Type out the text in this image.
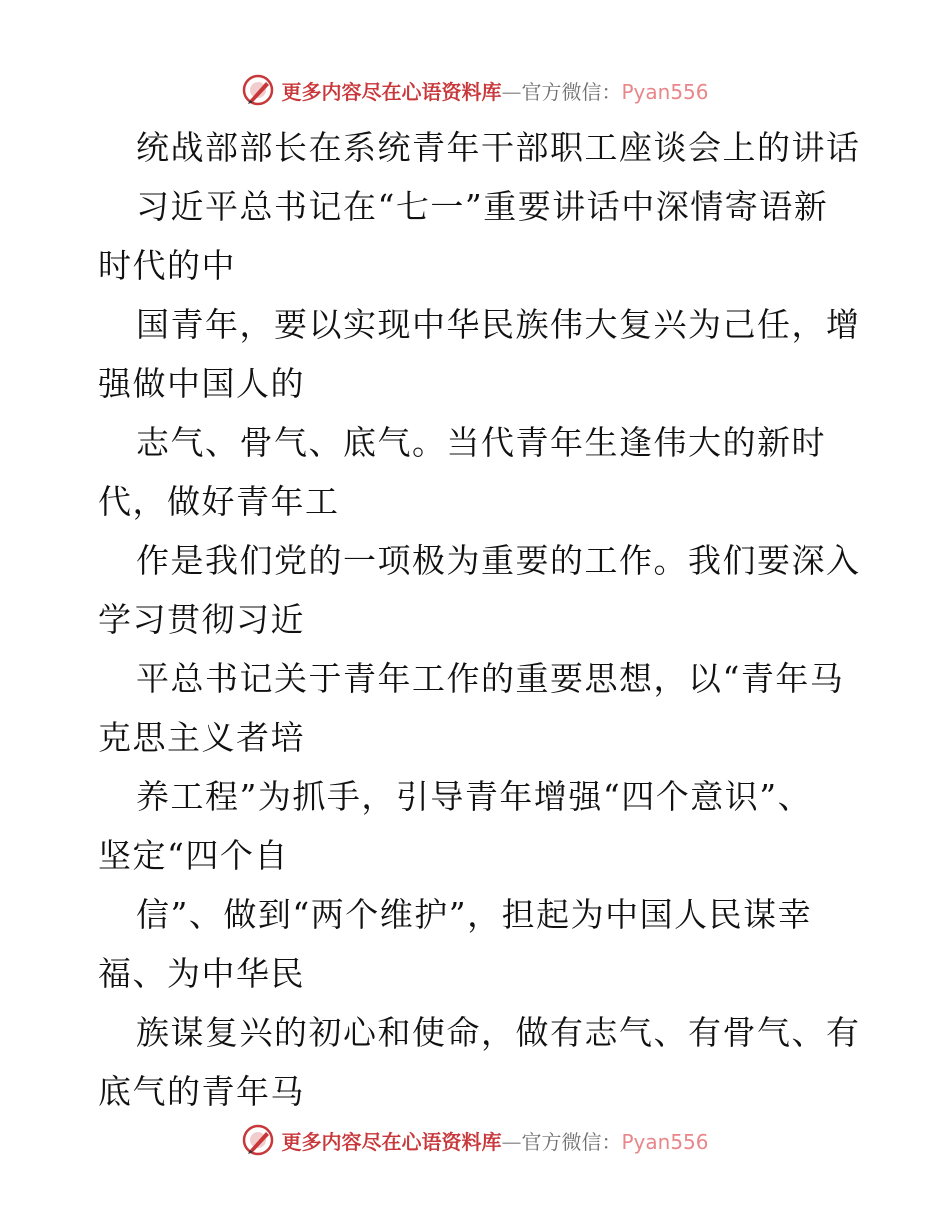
更多内容尽在心语资料库—官方微信：Pyan556
统战部部长在系统青年干部职工座谈会上的讲话
习近平总书记在“七一”重要讲话中深情寄语新
时代的中
国青年，要以实现中华民族伟大复兴为己任，增
强做中国人的
志气、骨气、底气。当代青年生逢伟大的新时
代，做好青年工
作是我们党的一项极为重要的工作。我们要深入
学习贯彻习近
平总书记关于青年工作的重要思想，以“青年马
克思主义者培
养工程”为抓手，引导青年增强“四个意识”、
坚定“四个自
信”、做到“两个维护”，担起为中国人民谋幸
福、为中华民
族谋复兴的初心和使命，做有志气、有骨气、有
底气的青年马
更多内容尽在心语资料库—官方微信：Pyan556
